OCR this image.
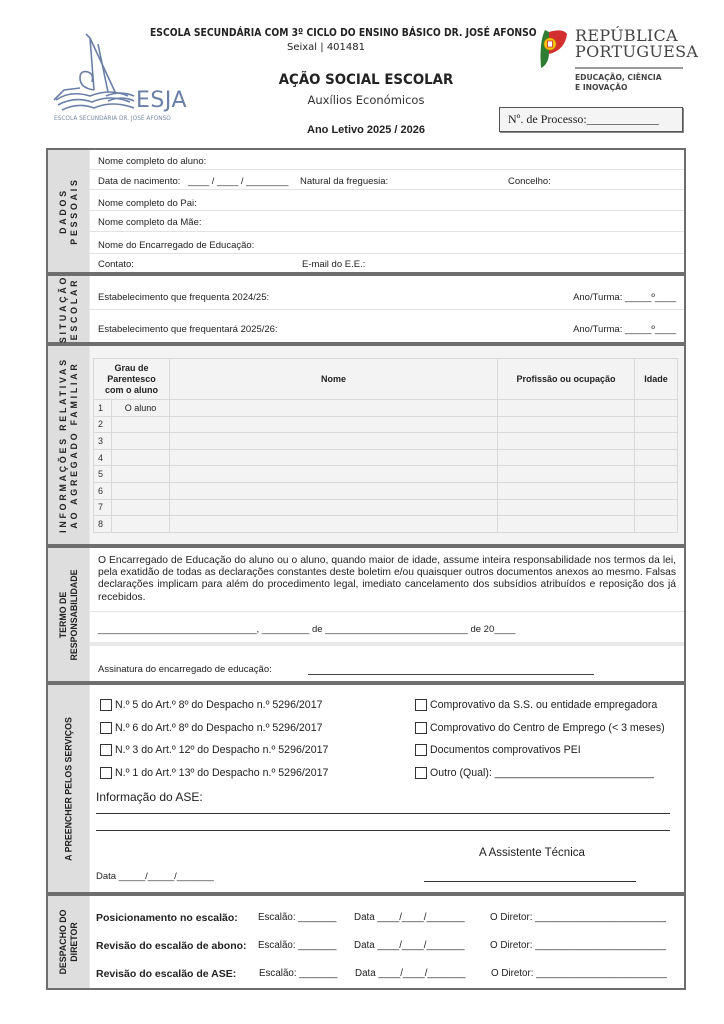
ESJA
ESCOLA SECUNDÁRIA DR. JOSÉ AFONSO
ESCOLA SECUNDÁRIA COM 3º CICLO DO ENSINO BÁSICO DR. JOSÉ AFONSO
Seixal | 401481
AÇÃO SOCIAL ESCOLAR
Auxílios Económicos
Ano Letivo 2025 / 2026
REPÚBLICA
PORTUGUESA
EDUCAÇÃO, CIÊNCIA
E INOVAÇÃO
Nº. de Processo:____________
DADOS PESSOAIS
Nome completo do aluno:
Data de nacimento: ____ / ____ / ________ Natural da freguesia:	Concelho:
Nome completo do Pai:
Nome completo da Mãe:
Nome do Encarregado de Educação:
Contato:	E-mail do E.E.:
SITUAÇÃO ESCOLAR Estabelecimento que frequenta 2024/25:	Ano/Turma: _____º____
Estabelecimento que frequentará 2025/26:	Ano/Turma: _____º____
INFORMAÇÕES RELATIVAS AO AGREGADO FAMILIAR	Grau de Parentesco com o aluno		Nome	Profissão ou ocupação	Idade
1	O aluno			
2				
3				
4				
5				
6				
7				
8				
TERMO DE RESPONSABILIDADE
O Encarregado de Educação do aluno ou o aluno, quando maior de idade, assume inteira responsabilidade nos termos da lei, pela exatidão de todas as declarações constantes deste boletim e/ou quaisquer outros documentos anexos ao mesmo. Falsas declarações implicam para além do procedimento legal, imediato cancelamento dos subsídios atribuídos e reposição dos já recebidos.
______________________________, _________ de ___________________________ de 20____
Assinatura do encarregado de educação:
A PREENCHER PELOS SERVIÇOS
N.º 5 do Art.º 8º do Despacho n.º 5296/2017
N.º 6 do Art.º 8º do Despacho n.º 5296/2017
N.º 3 do Art.º 12º do Despacho n.º 5296/2017
N.º 1 do Art.º 13º do Despacho n.º 5296/2017
Comprovativo da S.S. ou entidade empregadora
Comprovativo do Centro de Emprego (< 3 meses)
Documentos comprovativos PEI
Outro (Qual): ___________________________
Informação do ASE:
A Assistente Técnica
Data _____/_____/_______
DESPACHO DO DIRETOR
Posicionamento no escalão: Escalão: _______ Data ____/____/_______	O Diretor: ________________________
Revisão do escalão de abono: Escalão: _______ Data ____/____/_______	O Diretor: ________________________
Revisão do escalão de ASE: Escalão: _______ Data ____/____/_______	O Diretor: ________________________
